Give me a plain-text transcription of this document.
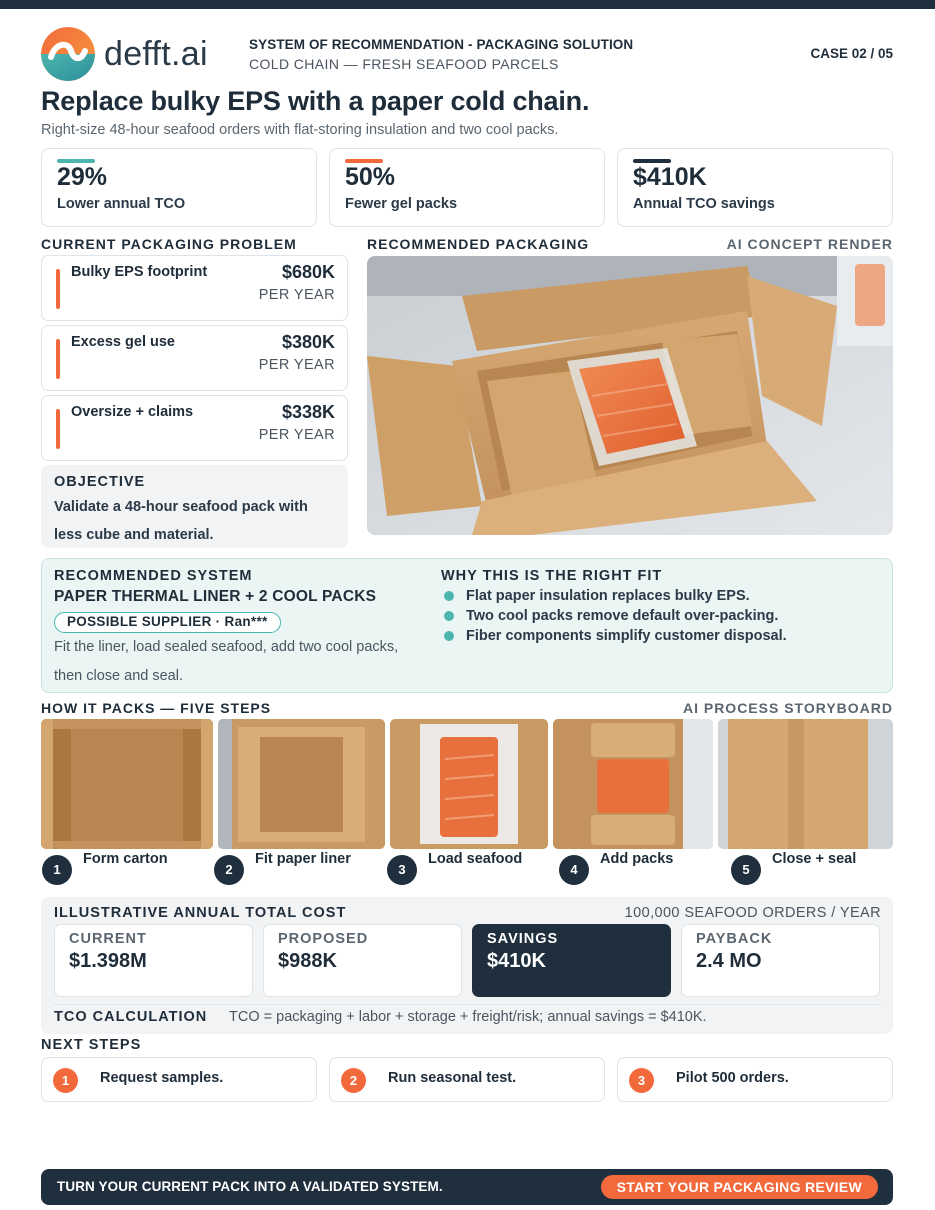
defft.ai	SYSTEM OF RECOMMENDATION - PACKAGING SOLUTION
COLD CHAIN — FRESH SEAFOOD PARCELS
CASE 02 / 05
Replace bulky EPS with a paper cold chain.
Right-size 48-hour seafood orders with flat-storing insulation and two cool packs.
29%
Lower annual TCO
50%
Fewer gel packs
$410K
Annual TCO savings
CURRENT PACKAGING PROBLEM
Bulky EPS footprint	$680K
PER YEAR
Excess gel use	$380K
PER YEAR
Oversize + claims	$338K
PER YEAR
OBJECTIVE
Validate a 48-hour seafood pack with less cube and material.
RECOMMENDED PACKAGING	AI CONCEPT RENDER
RECOMMENDED SYSTEM
PAPER THERMAL LINER + 2 COOL PACKS
POSSIBLE SUPPLIER · Ran***
Fit the liner, load sealed seafood, add two cool packs, then close and seal.
WHY THIS IS THE RIGHT FIT
Flat paper insulation replaces bulky EPS.
Two cool packs remove default over-packing.
Fiber components simplify customer disposal.
HOW IT PACKS — FIVE STEPS	AI PROCESS STORYBOARD
1
Form carton
2
Fit paper liner
3
Load seafood
4
Add packs
5
Close + seal
ILLUSTRATIVE ANNUAL TOTAL COST	100,000 SEAFOOD ORDERS / YEAR
CURRENT
$1.398M
PROPOSED
$988K
SAVINGS
$410K
PAYBACK
2.4 MO
TCO CALCULATION TCO = packaging + labor + storage + freight/risk; annual savings = $410K.
NEXT STEPS
1	Request samples.	2	Run seasonal test.	3	Pilot 500 orders.
TURN YOUR CURRENT PACK INTO A VALIDATED SYSTEM.	START YOUR PACKAGING REVIEW
